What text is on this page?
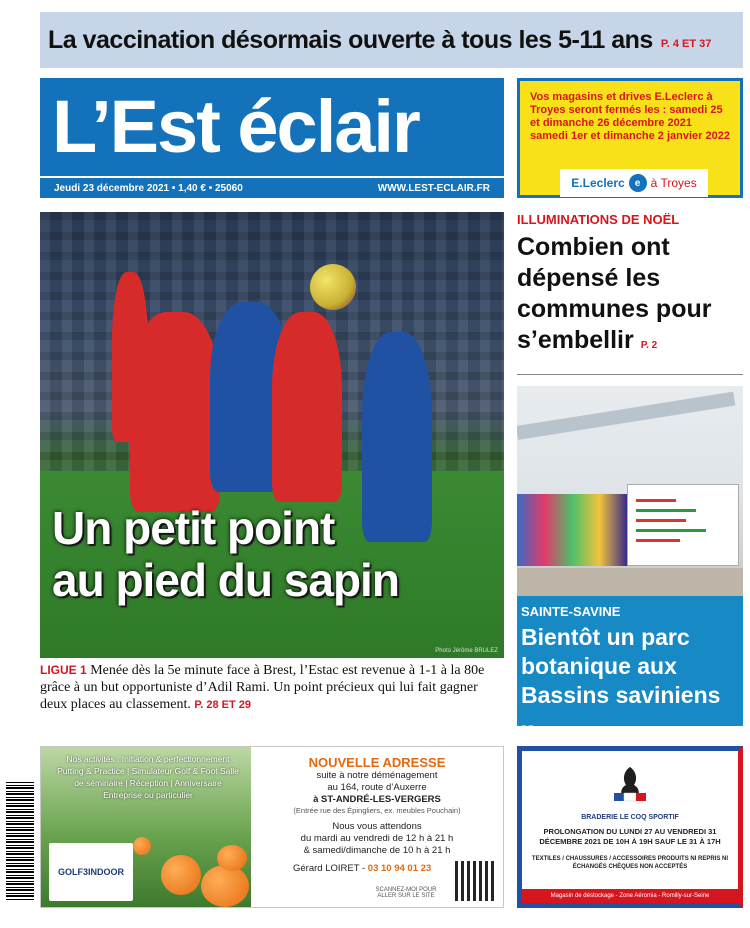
La vaccination désormais ouverte à tous les 5-11 ans P. 4 ET 37
L’Est éclair
Jeudi 23 décembre 2021 • 1,40 € • 25060	WWW.LEST-ECLAIR.FR

Vos magasins et drives E.Leclerc à Troyes seront fermés les : samedi 25 et dimanche 26 décembre 2021 samedi 1er et dimanche 2 janvier 2022

E.Leclerc
e à Troyes
Un petit point
au pied du sapin
Photo Jérôme BRULEZ
LIGUE 1 Menée dès la 5e minute face à Brest, l’Estac est revenue à 1-1 à la 80e grâce à un but opportuniste d’Adil Rami. Un point précieux qui lui fait gagner deux places au classement. P. 28 ET 29
ILLUMINATIONS DE NOËL
Combien ont dépensé les communes pour s’embellir P. 2
SAINTE-SAVINE
Bientôt un parc botanique aux Bassins saviniens P.7
Nos activités : Initiation & perfectionnement Putting & Practice | Simulateur Golf & Foot Salle de séminaire | Réception | Anniversaire Entreprise ou particulier
GOLF3INDOOR
NOUVELLE ADRESSE
suite à notre déménagement
au 164, route d’Auxerre
à ST-ANDRÉ-LES-VERGERS
(Entrée rue des Épingliers, ex. meubles Pouchain)
Nous vous attendons
du mardi au vendredi de 12 h à 21 h
& samedi/dimanche de 10 h à 21 h
Gérard LOIRET - 03 10 94 01 23
SCANNEZ-MOI POUR ALLER SUR LE SITE
BRADERIE LE COQ SPORTIF
PROLONGATION DU LUNDI 27 AU VENDREDI 31 DÉCEMBRE 2021 DE 10H À 19H SAUF LE 31 À 17H
TEXTILES / CHAUSSURES / ACCESSOIRES PRODUITS NI REPRIS NI ÉCHANGÉS CHÈQUES NON ACCEPTÉS
Magasin de déstockage - Zone Aéromia - Romilly-sur-Seine
